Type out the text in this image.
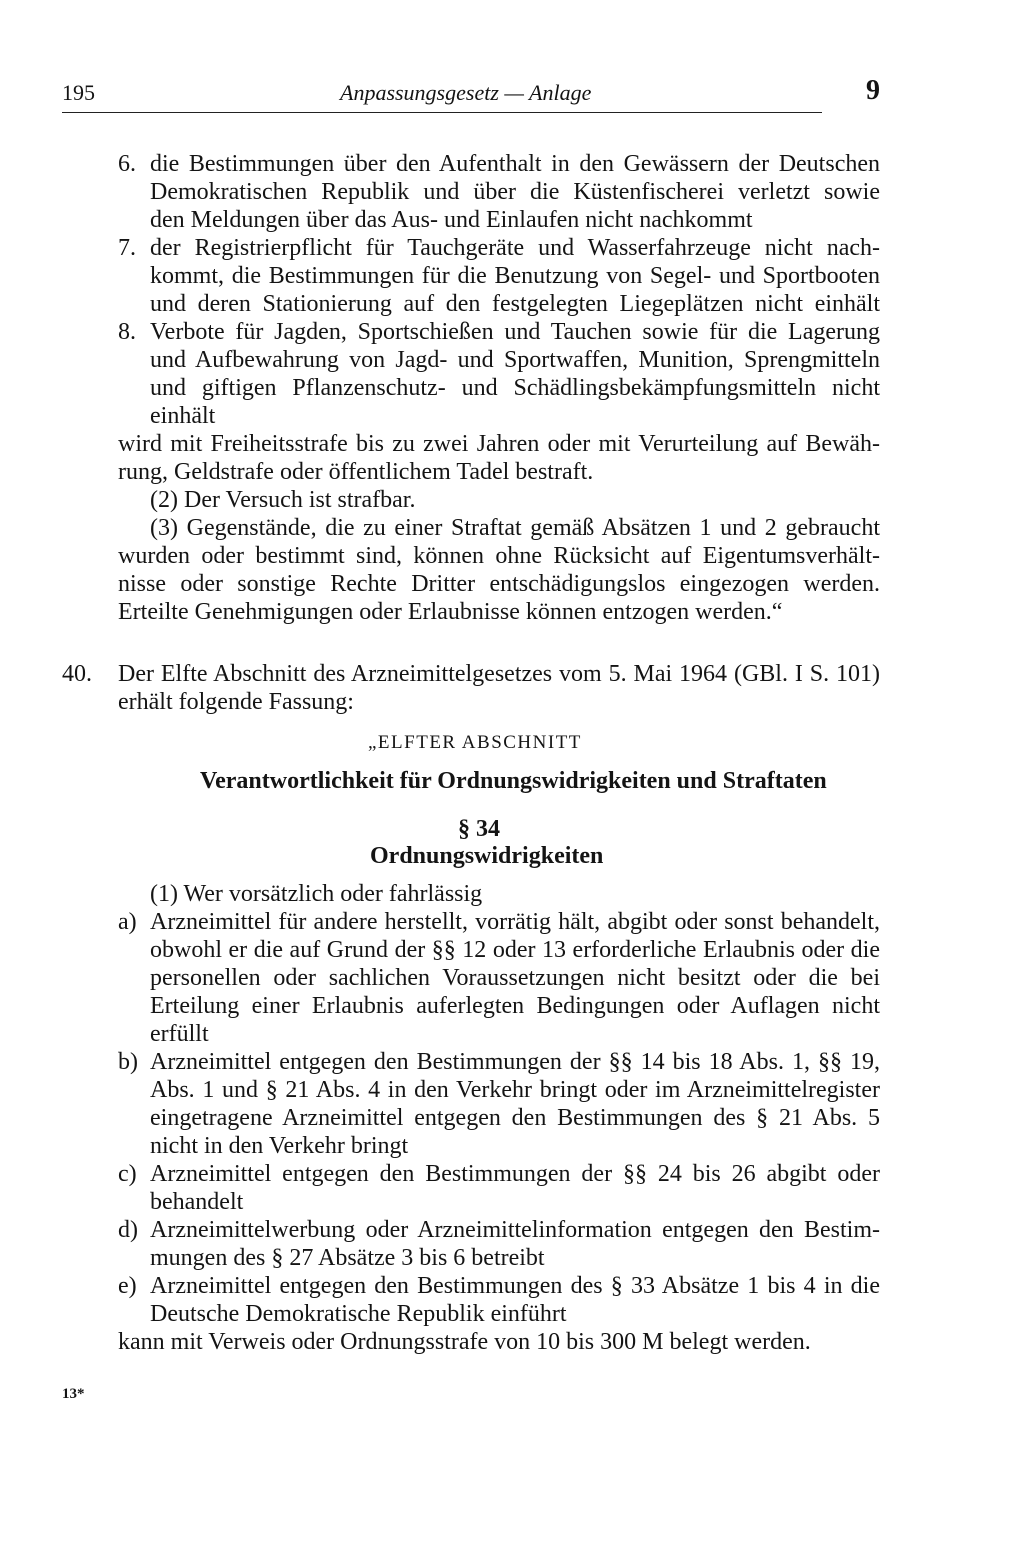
195	Anpassungsgesetz — Anlage	9
6. die Bestimmungen über den Aufenthalt in den Gewässern der Deutschen
Demokratischen Republik und über die Küstenfischerei verletzt sowie
den Meldungen über das Aus- und Einlaufen nicht nachkommt
7. der Registrierpflicht für Tauchgeräte und Wasserfahrzeuge nicht nach-
kommt, die Bestimmungen für die Benutzung von Segel- und Sportbooten
und deren Stationierung auf den festgelegten Liegeplätzen nicht einhält
8. Verbote für Jagden, Sportschießen und Tauchen sowie für die Lagerung
und Aufbewahrung von Jagd- und Sportwaffen, Munition, Sprengmitteln
und giftigen Pflanzenschutz- und Schädlingsbekämpfungsmitteln nicht
einhält
wird mit Freiheitsstrafe bis zu zwei Jahren oder mit Verurteilung auf Bewäh-
rung, Geldstrafe oder öffentlichem Tadel bestraft.
(2) Der Versuch ist strafbar.
(3) Gegenstände, die zu einer Straftat gemäß Absätzen 1 und 2 gebraucht
wurden oder bestimmt sind, können ohne Rücksicht auf Eigentumsverhält-
nisse oder sonstige Rechte Dritter entschädigungslos eingezogen werden.
Erteilte Genehmigungen oder Erlaubnisse können entzogen werden.“
40. Der Elfte Abschnitt des Arzneimittelgesetzes vom 5. Mai 1964 (GBl. I S. 101)
erhält folgende Fassung:
„ELFTER ABSCHNITT
Verantwortlichkeit für Ordnungswidrigkeiten und Straftaten
§ 34
Ordnungswidrigkeiten
(1) Wer vorsätzlich oder fahrlässig
a) Arzneimittel für andere herstellt, vorrätig hält, abgibt oder sonst behandelt,
obwohl er die auf Grund der §§ 12 oder 13 erforderliche Erlaubnis oder die
personellen oder sachlichen Voraussetzungen nicht besitzt oder die bei
Erteilung einer Erlaubnis auferlegten Bedingungen oder Auflagen nicht
erfüllt
b) Arzneimittel entgegen den Bestimmungen der §§ 14 bis 18 Abs. 1, §§ 19,
Abs. 1 und § 21 Abs. 4 in den Verkehr bringt oder im Arzneimittelregister
eingetragene Arzneimittel entgegen den Bestimmungen des § 21 Abs. 5
nicht in den Verkehr bringt
c) Arzneimittel entgegen den Bestimmungen der §§ 24 bis 26 abgibt oder
behandelt
d) Arzneimittelwerbung oder Arzneimittelinformation entgegen den Bestim-
mungen des § 27 Absätze 3 bis 6 betreibt
e) Arzneimittel entgegen den Bestimmungen des § 33 Absätze 1 bis 4 in die
Deutsche Demokratische Republik einführt
kann mit Verweis oder Ordnungsstrafe von 10 bis 300 M belegt werden.
13*
